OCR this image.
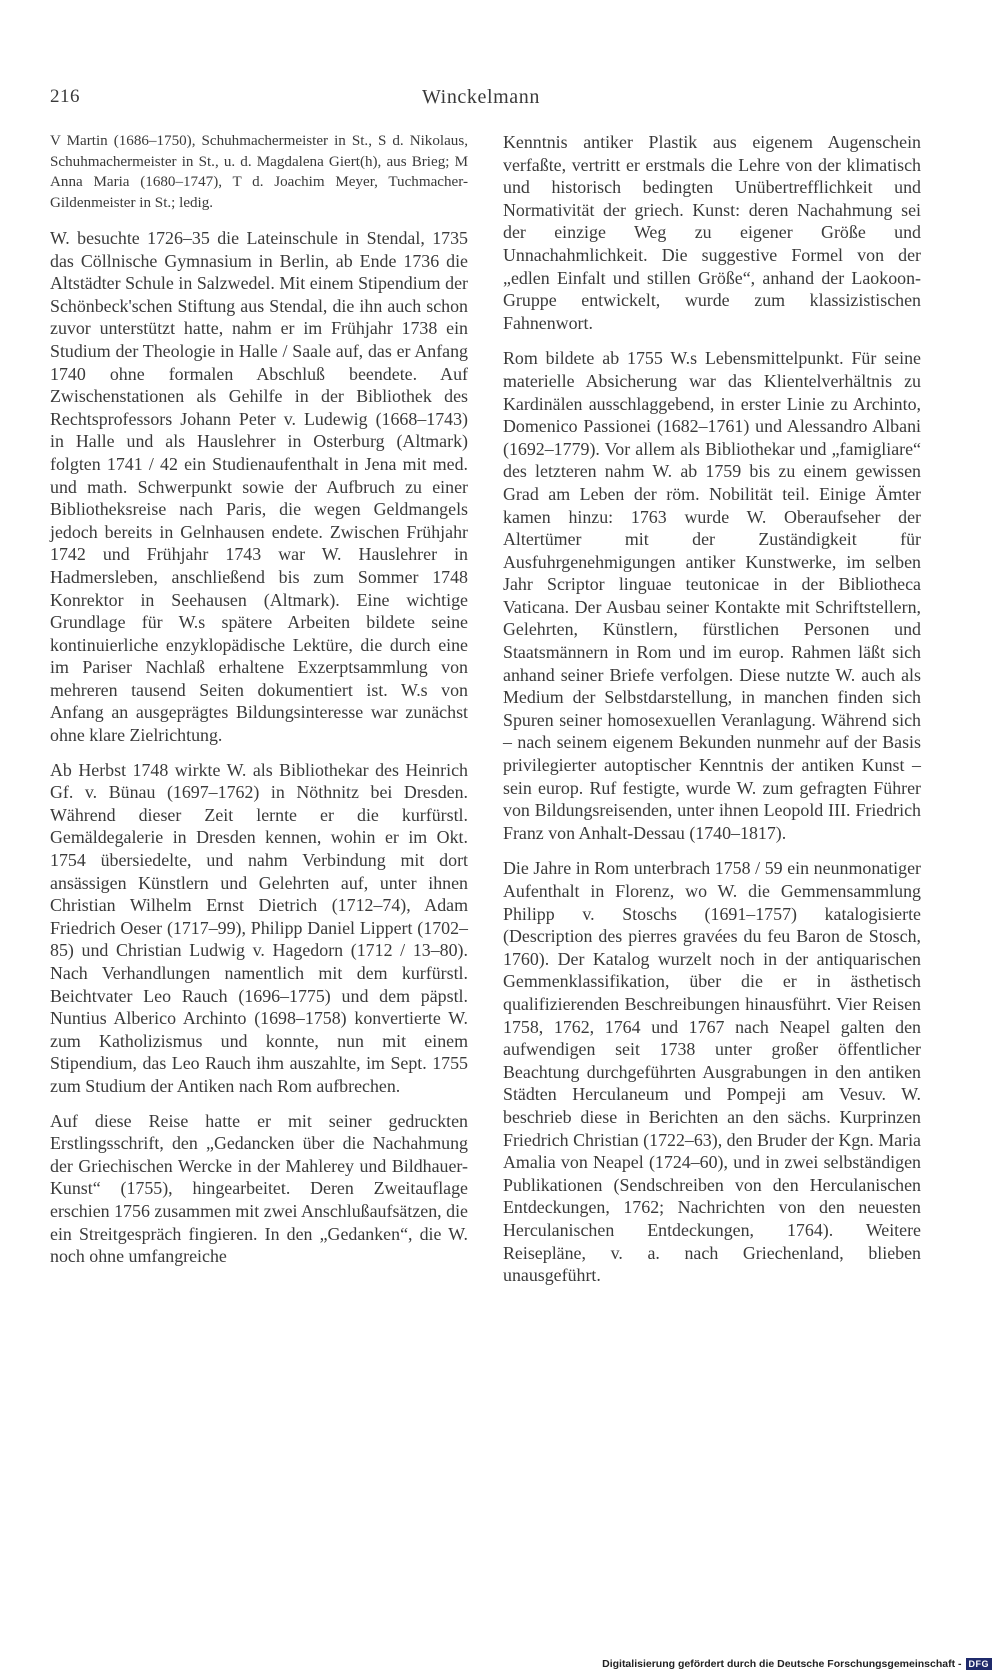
216	Winckelmann

V Martin (1686–1750), Schuhmachermeister in St., S d. Nikolaus, Schuhmachermeister in St., u. d. Magdalena Giert(h), aus Brieg; M Anna Maria (1680–1747), T d. Joachim Meyer, Tuchmacher-Gildenmeister in St.; ledig.

W. besuchte 1726–35 die Lateinschule in Stendal, 1735 das Cöllnische Gymnasium in Berlin, ab Ende 1736 die Altstädter Schule in Salzwedel. Mit einem Stipendium der Schönbeck'schen Stiftung aus Stendal, die ihn auch schon zuvor unterstützt hatte, nahm er im Frühjahr 1738 ein Studium der Theologie in Halle / Saale auf, das er Anfang 1740 ohne formalen Abschluß beendete. Auf Zwischenstationen als Gehilfe in der Bibliothek des Rechtsprofessors Johann Peter v. Ludewig (1668–1743) in Halle und als Hauslehrer in Osterburg (Altmark) folgten 1741 / 42 ein Studienaufenthalt in Jena mit med. und math. Schwerpunkt sowie der Aufbruch zu einer Bibliotheksreise nach Paris, die wegen Geldmangels jedoch bereits in Gelnhausen endete. Zwischen Frühjahr 1742 und Frühjahr 1743 war W. Hauslehrer in Hadmersleben, anschließend bis zum Sommer 1748 Konrektor in Seehausen (Altmark). Eine wichtige Grundlage für W.s spätere Arbeiten bildete seine kontinuierliche enzyklopädische Lektüre, die durch eine im Pariser Nachlaß erhaltene Exzerptsammlung von mehreren tausend Seiten dokumentiert ist. W.s von Anfang an ausgeprägtes Bildungsinteresse war zunächst ohne klare Zielrichtung.

Ab Herbst 1748 wirkte W. als Bibliothekar des Heinrich Gf. v. Bünau (1697–1762) in Nöthnitz bei Dresden. Während dieser Zeit lernte er die kurfürstl. Gemäldegalerie in Dresden kennen, wohin er im Okt. 1754 übersiedelte, und nahm Verbindung mit dort ansässigen Künstlern und Gelehrten auf, unter ihnen Christian Wilhelm Ernst Dietrich (1712–74), Adam Friedrich Oeser (1717–99), Philipp Daniel Lippert (1702–85) und Christian Ludwig v. Hagedorn (1712 / 13–80). Nach Verhandlungen namentlich mit dem kurfürstl. Beichtvater Leo Rauch (1696–1775) und dem päpstl. Nuntius Alberico Archinto (1698–1758) konvertierte W. zum Katholizismus und konnte, nun mit einem Stipendium, das Leo Rauch ihm auszahlte, im Sept. 1755 zum Studium der Antiken nach Rom aufbrechen.

Auf diese Reise hatte er mit seiner gedruckten Erstlingsschrift, den „Gedancken über die Nachahmung der Griechischen Wercke in der Mahlerey und Bildhauer-Kunst“ (1755), hingearbeitet. Deren Zweitauflage erschien 1756 zusammen mit zwei Anschlußaufsätzen, die ein Streitgespräch fingieren. In den „Gedanken“, die W. noch ohne umfangreiche

Kenntnis antiker Plastik aus eigenem Augenschein verfaßte, vertritt er erstmals die Lehre von der klimatisch und historisch bedingten Unübertrefflichkeit und Normativität der griech. Kunst: deren Nachahmung sei der einzige Weg zu eigener Größe und Unnachahmlichkeit. Die suggestive Formel von der „edlen Einfalt und stillen Größe“, anhand der Laokoon-Gruppe entwickelt, wurde zum klassizistischen Fahnenwort.

Rom bildete ab 1755 W.s Lebensmittelpunkt. Für seine materielle Absicherung war das Klientelverhältnis zu Kardinälen ausschlaggebend, in erster Linie zu Archinto, Domenico Passionei (1682–1761) und Alessandro Albani (1692–1779). Vor allem als Bibliothekar und „famigliare“ des letzteren nahm W. ab 1759 bis zu einem gewissen Grad am Leben der röm. Nobilität teil. Einige Ämter kamen hinzu: 1763 wurde W. Oberaufseher der Altertümer mit der Zuständigkeit für Ausfuhrgenehmigungen antiker Kunstwerke, im selben Jahr Scriptor linguae teutonicae in der Bibliotheca Vaticana. Der Ausbau seiner Kontakte mit Schriftstellern, Gelehrten, Künstlern, fürstlichen Personen und Staatsmännern in Rom und im europ. Rahmen läßt sich anhand seiner Briefe verfolgen. Diese nutzte W. auch als Medium der Selbstdarstellung, in manchen finden sich Spuren seiner homosexuellen Veranlagung. Während sich – nach seinem eigenem Bekunden nunmehr auf der Basis privilegierter autoptischer Kenntnis der antiken Kunst – sein europ. Ruf festigte, wurde W. zum gefragten Führer von Bildungsreisenden, unter ihnen Leopold III. Friedrich Franz von Anhalt-Dessau (1740–1817).

Die Jahre in Rom unterbrach 1758 / 59 ein neunmonatiger Aufenthalt in Florenz, wo W. die Gemmensammlung Philipp v. Stoschs (1691–1757) katalogisierte (Description des pierres gravées du feu Baron de Stosch, 1760). Der Katalog wurzelt noch in der antiquarischen Gemmenklassifikation, über die er in ästhetisch qualifizierenden Beschreibungen hinausführt. Vier Reisen 1758, 1762, 1764 und 1767 nach Neapel galten den aufwendigen seit 1738 unter großer öffentlicher Beachtung durchgeführten Ausgrabungen in den antiken Städten Herculaneum und Pompeji am Vesuv. W. beschrieb diese in Berichten an den sächs. Kurprinzen Friedrich Christian (1722–63), den Bruder der Kgn. Maria Amalia von Neapel (1724–60), und in zwei selbständigen Publikationen (Sendschreiben von den Herculanischen Entdeckungen, 1762; Nachrichten von den neuesten Herculanischen Entdeckungen, 1764). Weitere Reisepläne, v. a. nach Griechenland, blieben unausgeführt.

Digitalisierung gefördert durch die Deutsche Forschungsgemeinschaft - DFG
